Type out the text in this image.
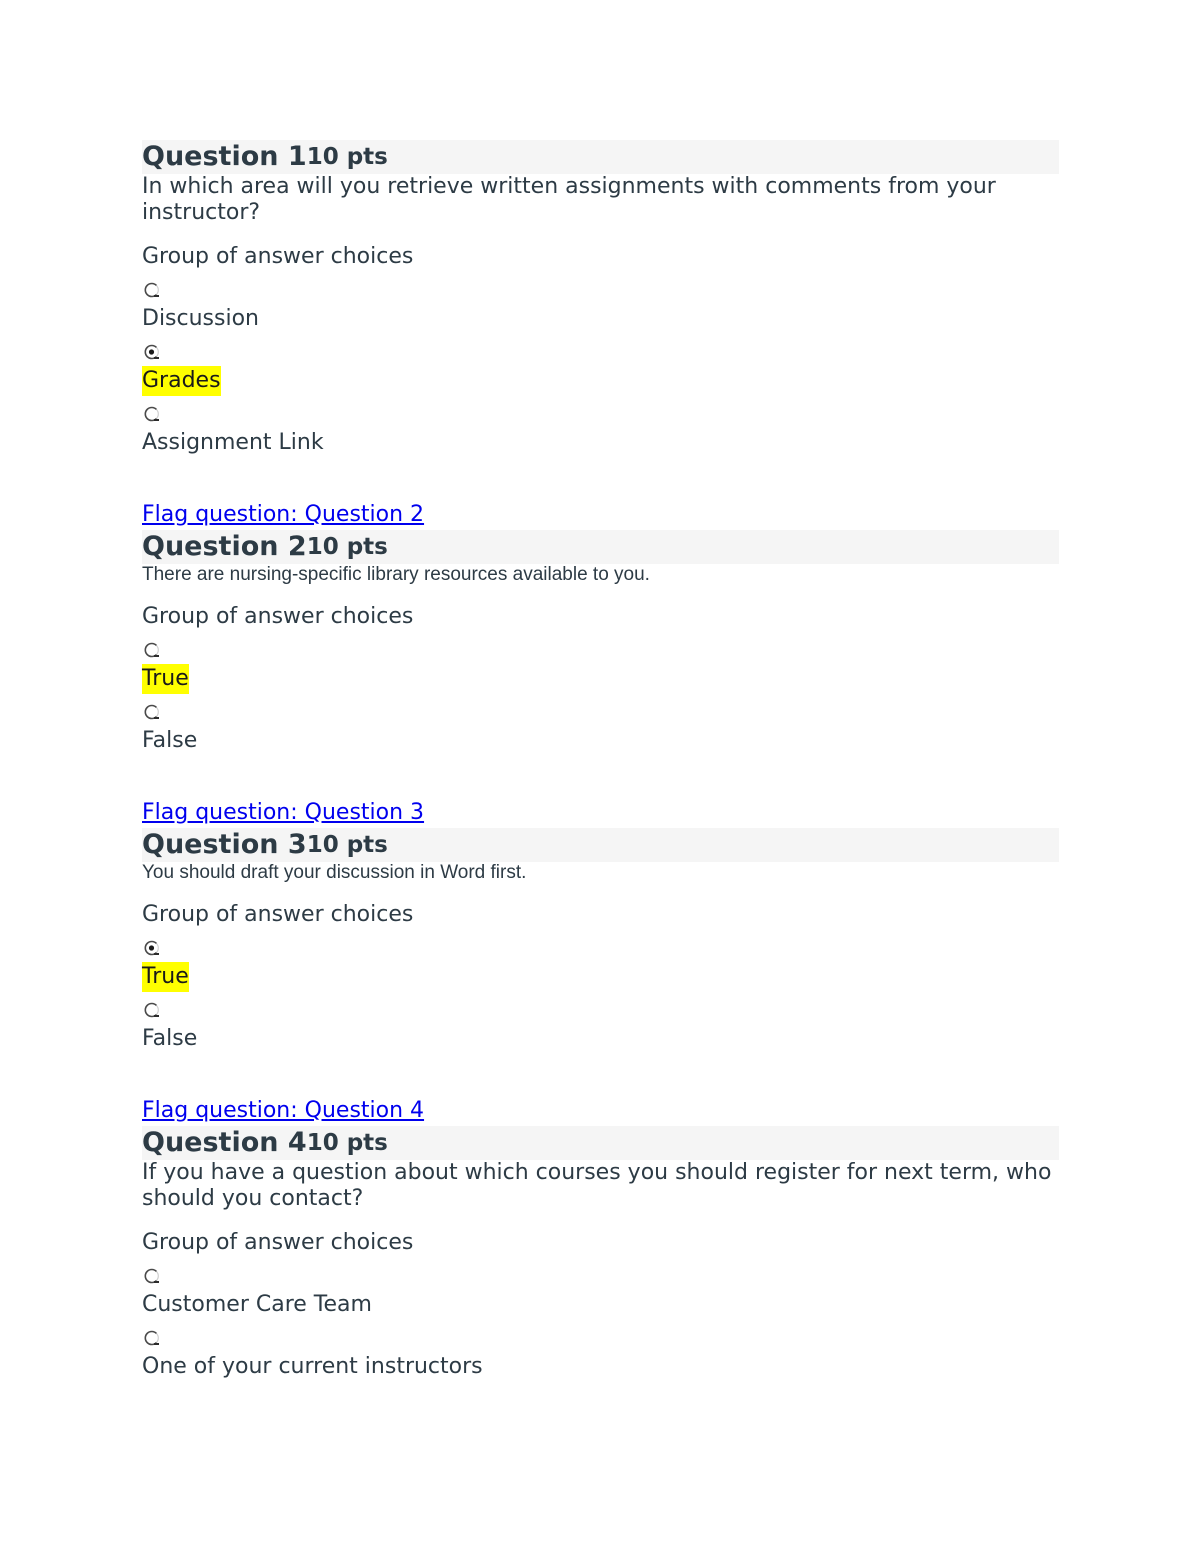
Question 1 10 pts

In which area will you retrieve written assignments with comments from your instructor?

Group of answer choices
Discussion
Grades
Assignment Link
Flag question: Question 2
Question 2 10 pts

There are nursing-specific library resources available to you.

Group of answer choices
True
False
Flag question: Question 3
Question 3 10 pts

You should draft your discussion in Word first.

Group of answer choices
True
False
Flag question: Question 4
Question 4 10 pts

If you have a question about which courses you should register for next term, who should you contact?

Group of answer choices
Customer Care Team
One of your current instructors
